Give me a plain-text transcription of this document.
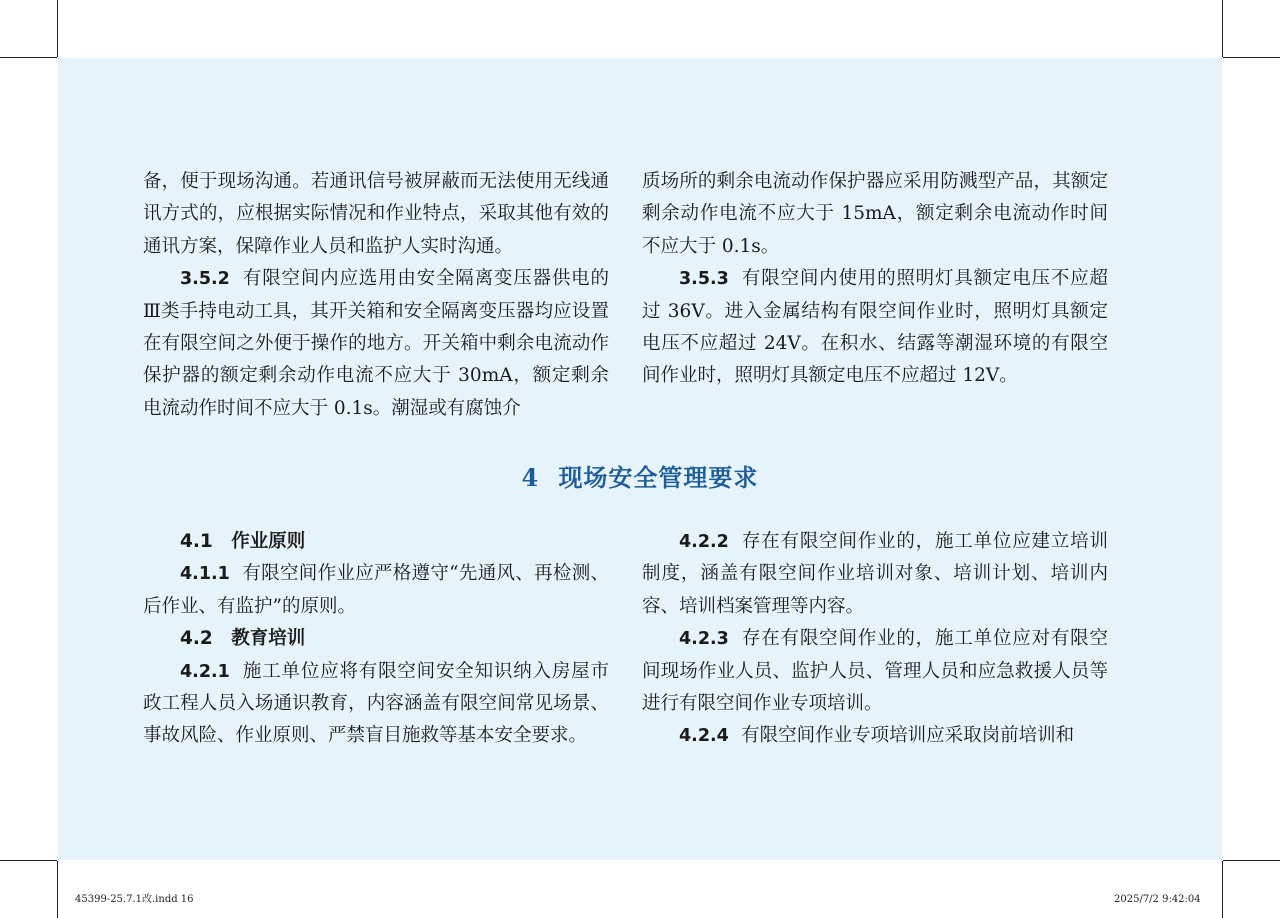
备，便于现场沟通。若通讯信号被屏蔽而无法使用无线通讯方式的，应根据实际情况和作业特点，采取其他有效的通讯方案，保障作业人员和监护人实时沟通。

3.5.2 有限空间内应选用由安全隔离变压器供电的Ⅲ类手持电动工具，其开关箱和安全隔离变压器均应设置在有限空间之外便于操作的地方。开关箱中剩余电流动作保护器的额定剩余动作电流不应大于 30mA，额定剩余电流动作时间不应大于 0.1s。潮湿或有腐蚀介

质场所的剩余电流动作保护器应采用防溅型产品，其额定剩余动作电流不应大于 15mA，额定剩余电流动作时间不应大于 0.1s。

3.5.3 有限空间内使用的照明灯具额定电压不应超过 36V。进入金属结构有限空间作业时，照明灯具额定电压不应超过 24V。在积水、结露等潮湿环境的有限空间作业时，照明灯具额定电压不应超过 12V。

4 现场安全管理要求

4.1 作业原则

4.1.1 有限空间作业应严格遵守“先通风、再检测、后作业、有监护”的原则。

4.2 教育培训

4.2.1 施工单位应将有限空间安全知识纳入房屋市政工程人员入场通识教育，内容涵盖有限空间常见场景、事故风险、作业原则、严禁盲目施救等基本安全要求。

4.2.2 存在有限空间作业的，施工单位应建立培训制度，涵盖有限空间作业培训对象、培训计划、培训内容、培训档案管理等内容。

4.2.3 存在有限空间作业的，施工单位应对有限空间现场作业人员、监护人员、管理人员和应急救援人员等进行有限空间作业专项培训。

4.2.4 有限空间作业专项培训应采取岗前培训和

45399-25.7.1改.indd 16	2025/7/2 9:42:04
